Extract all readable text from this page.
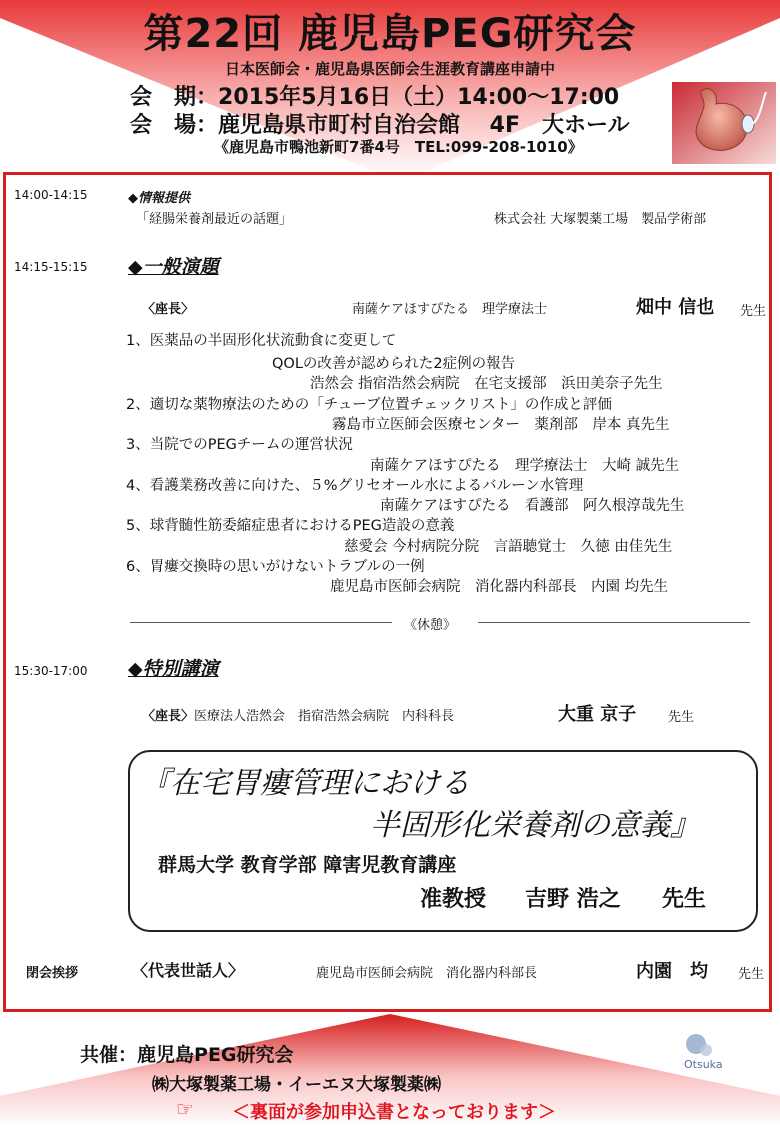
第22回 鹿児島PEG研究会
日本医師会・鹿児島県医師会生涯教育講座申請中
会　期：2015年5月16日（土）14:00～17:00
会　場：鹿児島県市町村自治会館　 4F　大ホール
《鹿児島市鴨池新町7番4号　TEL:099-208-1010》
14:00-14:15	◆情報提供
「経腸栄養剤最近の話題」	株式会社 大塚製薬工場　製品学術部
14:15-15:15 ◆一般演題
〈座長〉	南薩ケアほすぴたる　理学療法士	畑中 信也 先生
1、医薬品の半固形化状流動食に変更して
QOLの改善が認められた2症例の報告
浩然会 指宿浩然会病院　在宅支援部　浜田美奈子先生
2、適切な薬物療法のための「チューブ位置チェックリスト」の作成と評価
霧島市立医師会医療センター　薬剤部　岸本 真先生
3、当院でのPEGチームの運営状況
南薩ケアほすぴたる　理学療法士　大崎 誠先生
4、看護業務改善に向けた、５%グリセオール水によるバルーン水管理
南薩ケアほすぴたる　看護部　阿久根淳哉先生
5、球背髄性筋委縮症患者におけるPEG造設の意義
慈愛会 今村病院分院　言語聴覚士　久徳 由佳先生
6、胃瘻交換時の思いがけないトラブルの一例
鹿児島市医師会病院　消化器内科部長　内園 均先生
《休憩》
15:30-17:00 ◆特別講演
〈座長〉医療法人浩然会　指宿浩然会病院　内科科長	大重 京子 先生
『在宅胃瘻管理における
半固形化栄養剤の意義』
群馬大学 教育学部 障害児教育講座
准教授 吉野 浩之 先生
閉会挨拶	〈代表世話人〉	鹿児島市医師会病院　消化器内科部長	内園　均 先生
共催：鹿児島PEG研究会
㈱大塚製薬工場・イーエヌ大塚製薬㈱
☞ ＜裏面が参加申込書となっております＞
Otsuka
